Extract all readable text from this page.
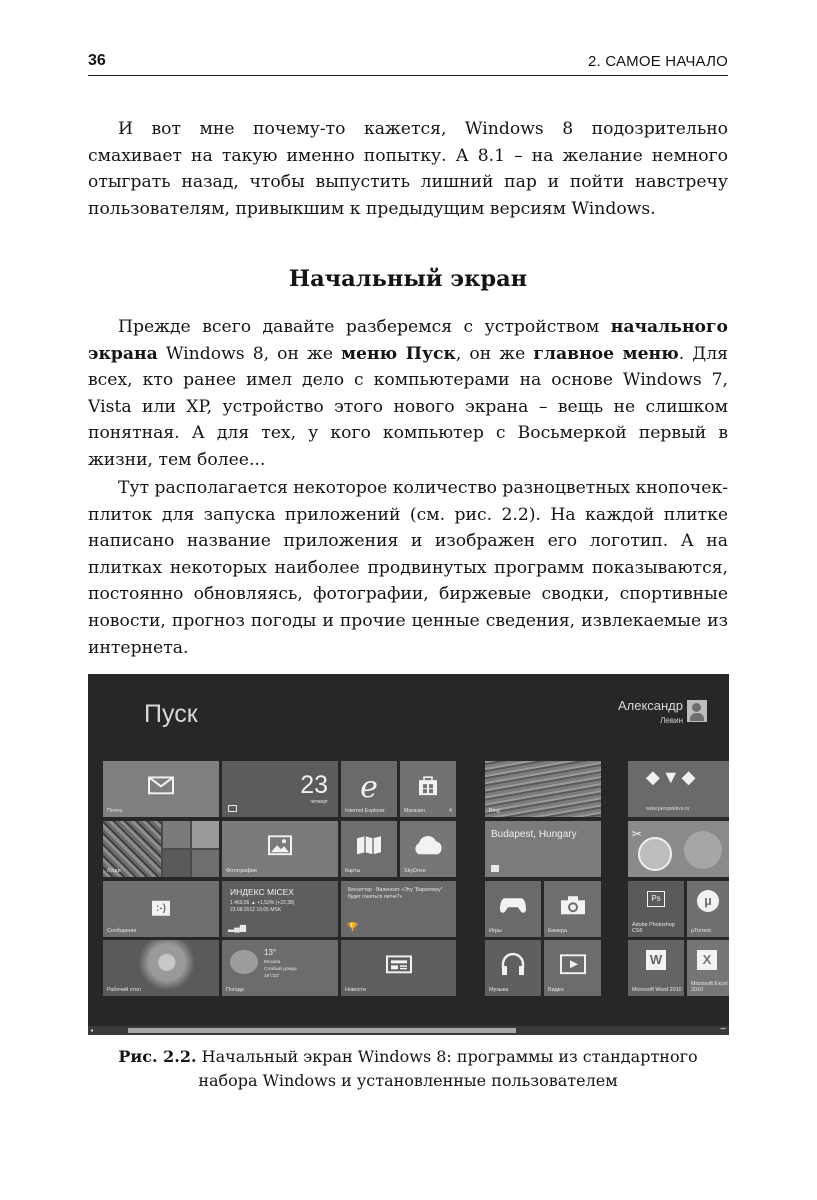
36	2. САМОЕ НАЧАЛО

И вот мне почему-то кажется, Windows 8 подозрительно смахивает на такую именно попытку. А 8.1 – на желание немного отыграть назад, чтобы выпустить лишний пар и пойти навстречу пользователям, привыкшим к предыдущим версиям Windows.

Начальный экран

Прежде всего давайте разберемся с устройством начального экрана Windows 8, он же меню Пуск, он же главное меню. Для всех, кто ранее имел дело с компьютерами на основе Windows 7, Vista или XP, устройство этого нового экрана – вещь не слишком понятная. А для тех, у кого компьютер с Восьмеркой первый в жизни, тем более...

Тут располагается некоторое количество разноцветных кнопочек-плиток для запуска приложений (см. рис. 2.2). На каждой плитке написано название приложения и изображен его логотип. А на плитках некоторых наиболее продвинутых программ показываются, постоянно обновляясь, фотографии, биржевые сводки, спортивные новости, прогноз погоды и прочие ценные сведения, извлекаемые из интернета.

Пуск	Александр
Левин
Почта
23
четверг	e
Internet Explorer	Магазин	4
Люди	Фотографии	Карты	SkyDrive
:-)
Сообщения
ИНДЕКС MICEX
1 469,56 ▲ +1,53% (+22,38)
23.08.2012 16:05 MSK
▂▄▆
Бессеттер - Валенсия: «Эту “Барселону” будет гоняться легче?»
🏆
Рабочий стол
13°
Москва
Слабый дождь
19°/10°
Погода	Новости
Bing
Budapest, Hungary
Игры	Камера
Музыка	Видео
◆▼◆
www.perspektiva.ru
✂
Ps
Adobe Photoshop CS6
µ
µTorrent
W
Microsoft Word 2010
X
Microsoft Excel 2010
◂	−

Рис. 2.2. Начальный экран Windows 8: программы из стандартного набора Windows и установленные пользователем
